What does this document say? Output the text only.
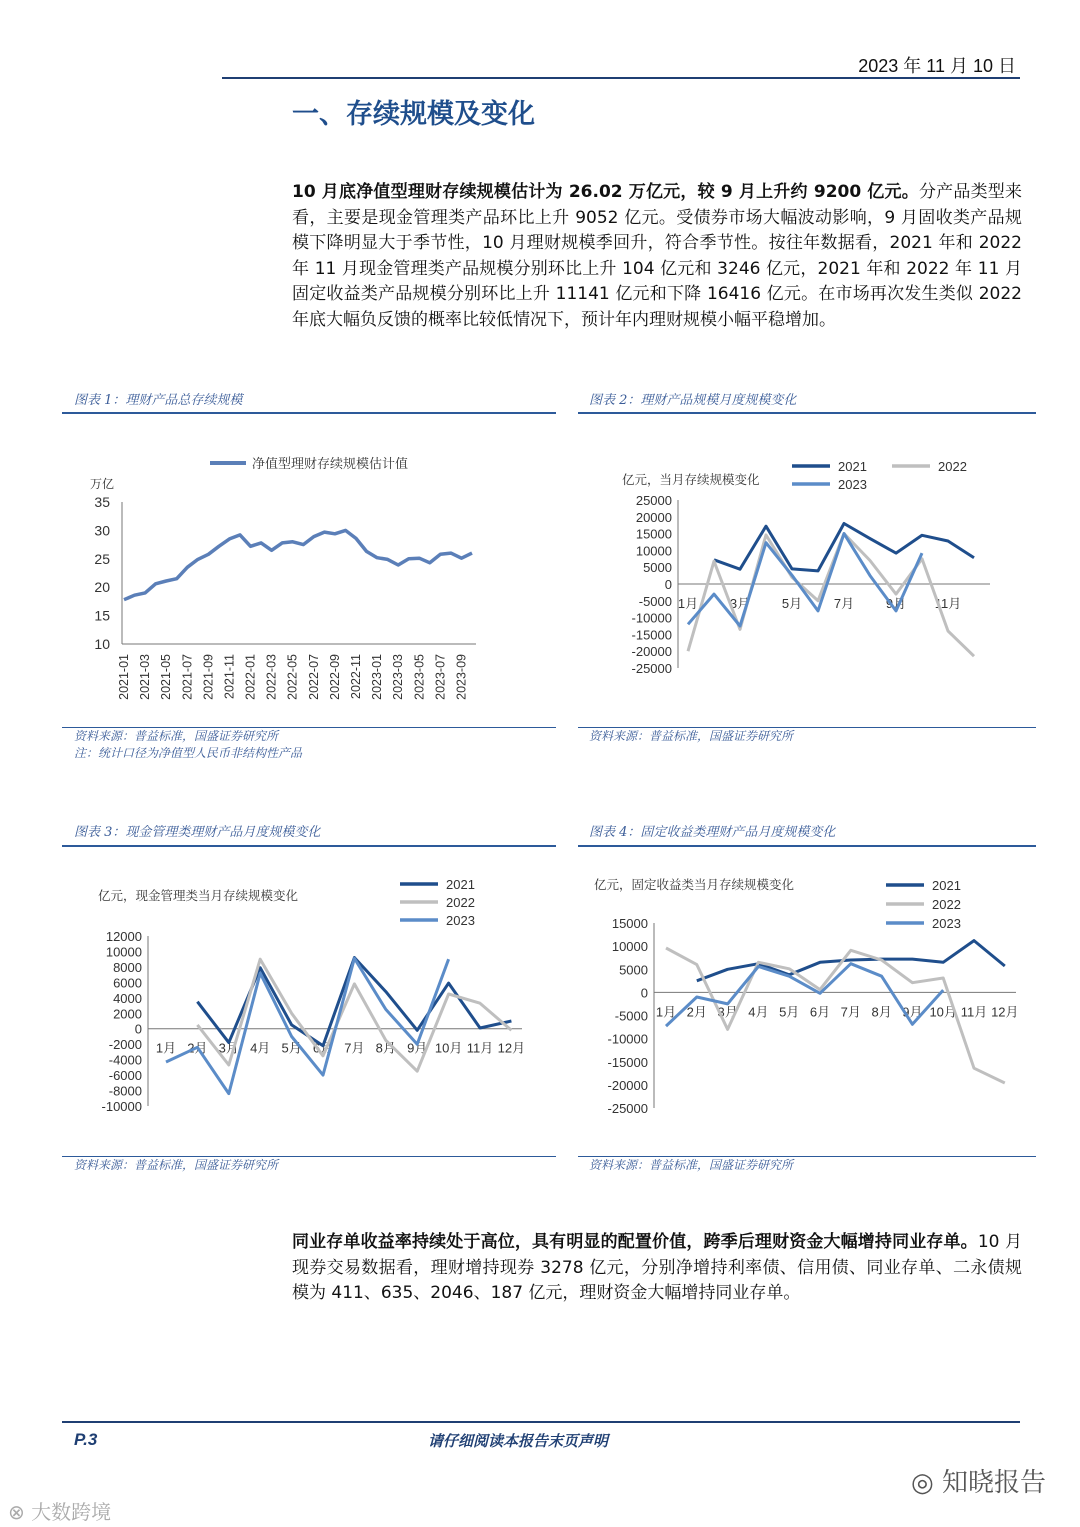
2023 年 11 月 10 日
一、存续规模及变化
10 月底净值型理财存续规模估计为 26.02 万亿元，较 9 月上升约 9200 亿元。分产品类型来看，主要是现金管理类产品环比上升 9052 亿元。受债券市场大幅波动影响，9 月固收类产品规模下降明显大于季节性，10 月理财规模季回升，符合季节性。按往年数据看，2021 年和 2022 年 11 月现金管理类产品规模分别环比上升 104 亿元和 3246 亿元，2021 年和 2022 年 11 月固定收益类产品规模分别环比上升 11141 亿元和下降 16416 亿元。在市场再次发生类似 2022 年底大幅负反馈的概率比较低情况下，预计年内理财规模小幅平稳增加。
图表 1：理财产品总存续规模
万亿
10
15
20
25
30
35
2021-01 2021-03 2021-05 2021-07 2021-09 2021-11 2022-01 2022-03 2022-05 2022-07 2022-09 2022-11 2023-01 2023-03 2023-05 2023-07 2023-09
净值型理财存续规模估计值
资料来源：普益标准，国盛证券研究所
注：统计口径为净值型人民币非结构性产品
图表 2：理财产品规模月度规模变化
亿元，当月存续规模变化
25000
20000
15000
10000
5000
0
-5000
-10000
-15000
-20000
-25000
1月 3月 5月 7月 9月 11月
2021	2022
2023
资料来源：普益标准，国盛证券研究所
图表 3：现金管理类理财产品月度规模变化
亿元，现金管理类当月存续规模变化
12000
10000
8000
6000
4000
2000
0
-2000
-4000
-6000
-8000
-10000
1月 2月 3月 4月 5月 6月 7月 8月 9月 10月 11月 12月
2021
2022
2023
资料来源：普益标准，国盛证券研究所
图表 4：固定收益类理财产品月度规模变化
亿元，固定收益类当月存续规模变化
15000
10000
5000
0
-5000
-10000
-15000
-20000
-25000
1月 2月 3月 4月 5月 6月 7月 8月 9月 10月 11月 12月
2021
2022
2023
资料来源：普益标准，国盛证券研究所
同业存单收益率持续处于高位，具有明显的配置价值，跨季后理财资金大幅增持同业存单。10 月现券交易数据看，理财增持现券 3278 亿元，分别净增持利率债、信用债、同业存单、二永债规模为 411、635、2046、187 亿元，理财资金大幅增持同业存单。
P.3	请仔细阅读本报告末页声明
◎ 知晓报告
⊗ 大数跨境
